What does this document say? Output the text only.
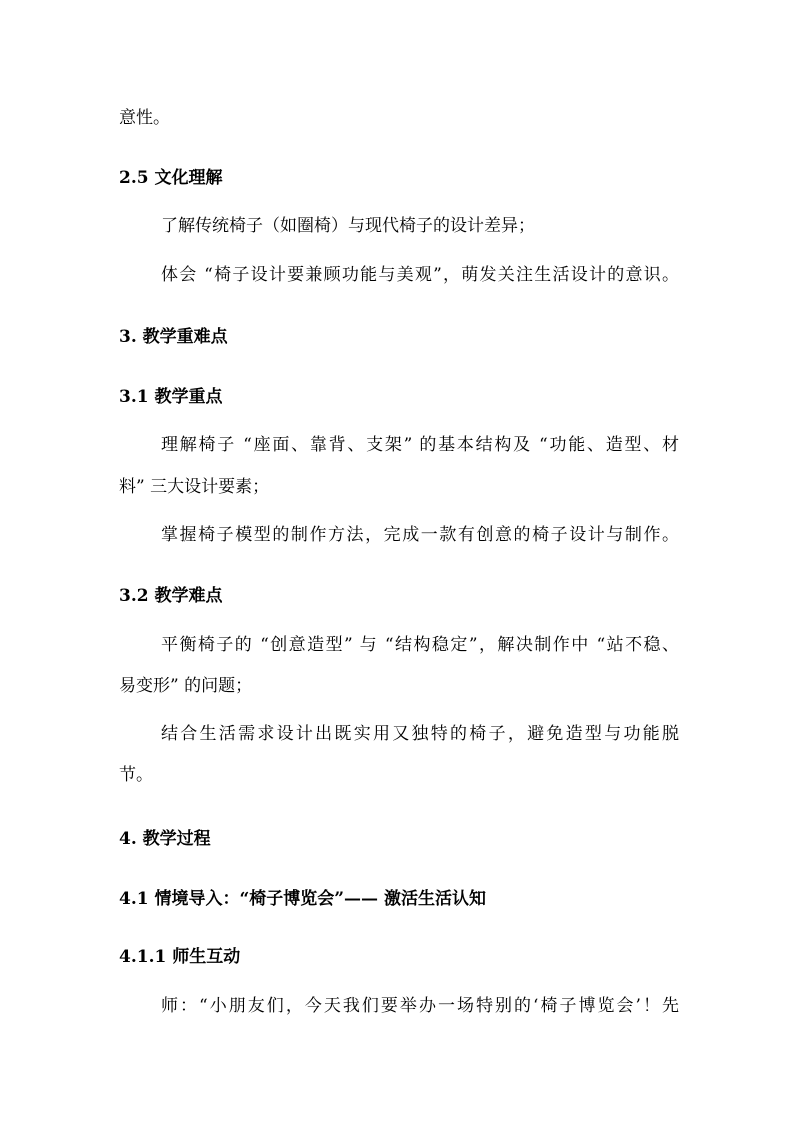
意性。
2.5 文化理解
了解传统椅子（如圈椅）与现代椅子的设计差异；
体会 “椅子设计要兼顾功能与美观”，萌发关注生活设计的意识。
3. 教学重难点
3.1 教学重点
理解椅子 “座面、靠背、支架” 的基本结构及 “功能、造型、材
料” 三大设计要素；
掌握椅子模型的制作方法，完成一款有创意的椅子设计与制作。
3.2 教学难点
平衡椅子的 “创意造型” 与 “结构稳定”，解决制作中 “站不稳、
易变形” 的问题；
结合生活需求设计出既实用又独特的椅子，避免造型与功能脱
节。
4. 教学过程
4.1 情境导入：“椅子博览会”—— 激活生活认知
4.1.1 师生互动
师：“小朋友们，今天我们要举办一场特别的‘椅子博览会’！先
